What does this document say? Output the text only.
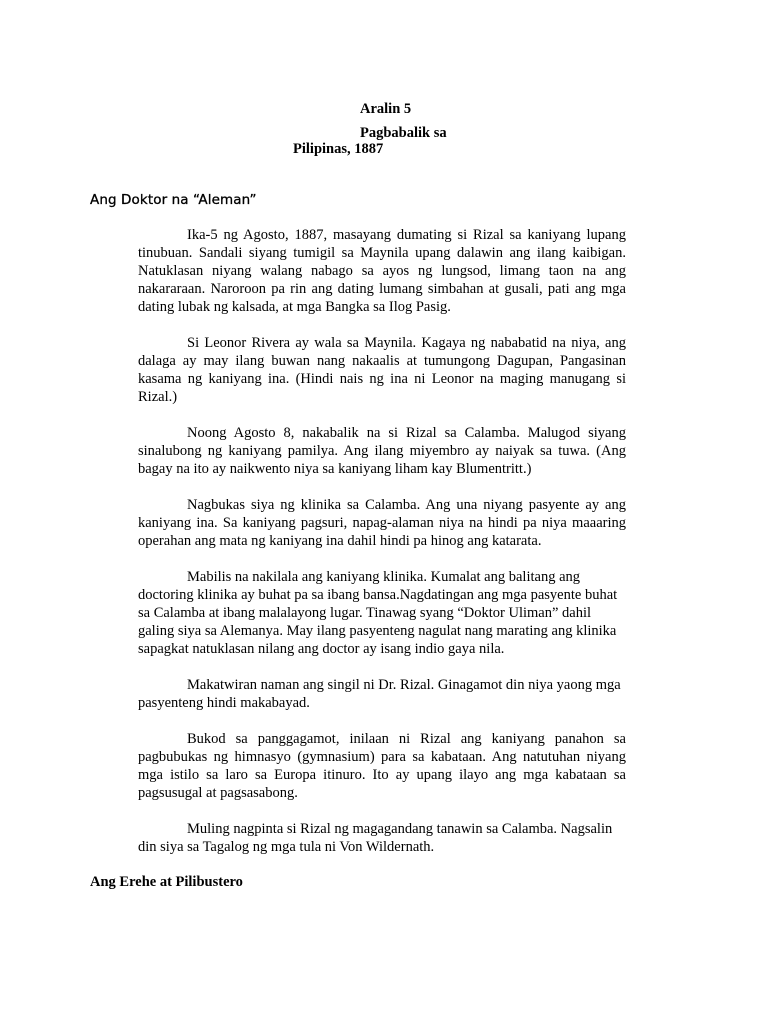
Aralin 5
Pagbabalik sa
Pilipinas, 1887
Ang Doktor na “Aleman”

Ika-5 ng Agosto, 1887, masayang dumating si Rizal sa kaniyang lupang tinubuan. Sandali siyang tumigil sa Maynila upang dalawin ang ilang kaibigan. Natuklasan niyang walang nabago sa ayos ng lungsod, limang taon na ang nakararaan. Naroroon pa rin ang dating lumang simbahan at gusali, pati ang mga dating lubak ng kalsada, at mga Bangka sa Ilog Pasig.

Si Leonor Rivera ay wala sa Maynila. Kagaya ng nababatid na niya, ang dalaga ay may ilang buwan nang nakaalis at tumungong Dagupan, Pangasinan kasama ng kaniyang ina. (Hindi nais ng ina ni Leonor na maging manugang si Rizal.)

Noong Agosto 8, nakabalik na si Rizal sa Calamba. Malugod siyang sinalubong ng kaniyang pamilya. Ang ilang miyembro ay naiyak sa tuwa. (Ang bagay na ito ay naikwento niya sa kaniyang liham kay Blumentritt.)

Nagbukas siya ng klinika sa Calamba. Ang una niyang pasyente ay ang kaniyang ina. Sa kaniyang pagsuri, napag-alaman niya na hindi pa niya maaaring operahan ang mata ng kaniyang ina dahil hindi pa hinog ang katarata.

Mabilis na nakilala ang kaniyang klinika. Kumalat ang balitang ang doctoring klinika ay buhat pa sa ibang bansa.Nagdatingan ang mga pasyente buhat sa Calamba at ibang malalayong lugar. Tinawag syang “Doktor Uliman” dahil galing siya sa Alemanya. May ilang pasyenteng nagulat nang marating ang klinika sapagkat natuklasan nilang ang doctor ay isang indio gaya nila.

Makatwiran naman ang singil ni Dr. Rizal. Ginagamot din niya yaong mga pasyenteng hindi makabayad.

Bukod sa panggagamot, inilaan ni Rizal ang kaniyang panahon sa pagbubukas ng himnasyo (gymnasium) para sa kabataan. Ang natutuhan niyang mga istilo sa laro sa Europa itinuro. Ito ay upang ilayo ang mga kabataan sa pagsusugal at pagsasabong.

Muling nagpinta si Rizal ng magagandang tanawin sa Calamba. Nagsalin din siya sa Tagalog ng mga tula ni Von Wildernath.

Ang Erehe at Pilibustero
